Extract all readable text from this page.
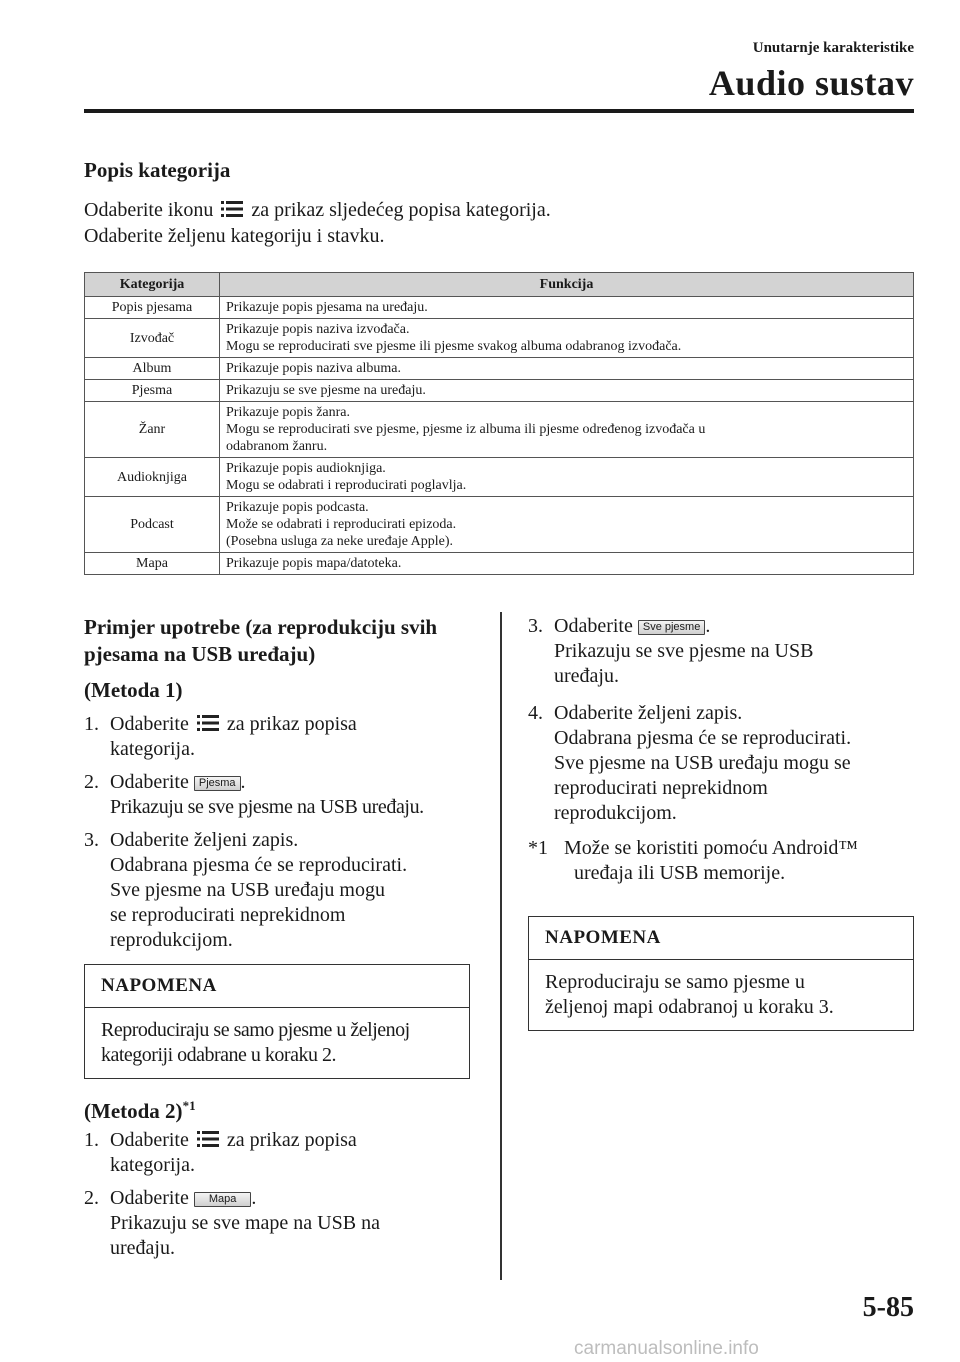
Unutarnje karakteristike
Audio sustav
Popis kategorija
Odaberite ikonu za prikaz sljedećeg popisa kategorija.
Odaberite željenu kategoriju i stavku.
Kategorija	Funkcija
Popis pjesama	Prikazuje popis pjesama na uređaju.

Izvođač	Prikazuje popis naziva izvođača.
Mogu se reproducirati sve pjesme ili pjesme svakog albuma odabranog izvođača.

Album	Prikazuje popis naziva albuma.

Pjesma	Prikazuju se sve pjesme na uređaju.

Žanr	Prikazuje popis žanra.
Mogu se reproducirati sve pjesme, pjesme iz albuma ili pjesme određenog izvođača u
odabranom žanru.

Audioknjiga	Prikazuje popis audioknjiga.
Mogu se odabrati i reproducirati poglavlja.

Podcast	Prikazuje popis podcasta.
Može se odabrati i reproducirati epizoda.
(Posebna usluga za neke uređaje Apple).

Mapa	Prikazuje popis mapa/datoteka.
Primjer upotrebe (za reprodukciju svih
pjesama na USB uređaju)
(Metoda 1)
1. Odaberite za prikaz popisa
kategorija.
2. Odaberite Pjesma .
Prikazuju se sve pjesme na USB uređaju.
3. Odaberite željeni zapis.
Odabrana pjesma će se reproducirati.
Sve pjesme na USB uređaju mogu
se reproducirati neprekidnom
reprodukcijom.
NAPOMENA
Reproduciraju se samo pjesme u željenoj
kategoriji odabrane u koraku 2.
(Metoda 2)$^{*1}$
1. Odaberite za prikaz popisa
kategorija.
2. Odaberite Mapa .
Prikazuju se sve mape na USB na
uređaju.
3. Odaberite Sve pjesme .
Prikazuju se sve pjesme na USB
uređaju.
4. Odaberite željeni zapis.
Odabrana pjesma će se reproducirati.
Sve pjesme na USB uređaju mogu se
reproducirati neprekidnom
reprodukcijom.
*1 Može se koristiti pomoću Android™
uređaja ili USB memorije.
NAPOMENA
Reproduciraju se samo pjesme u
željenoj mapi odabranoj u koraku 3.
5-85
carmanualsonline.info
